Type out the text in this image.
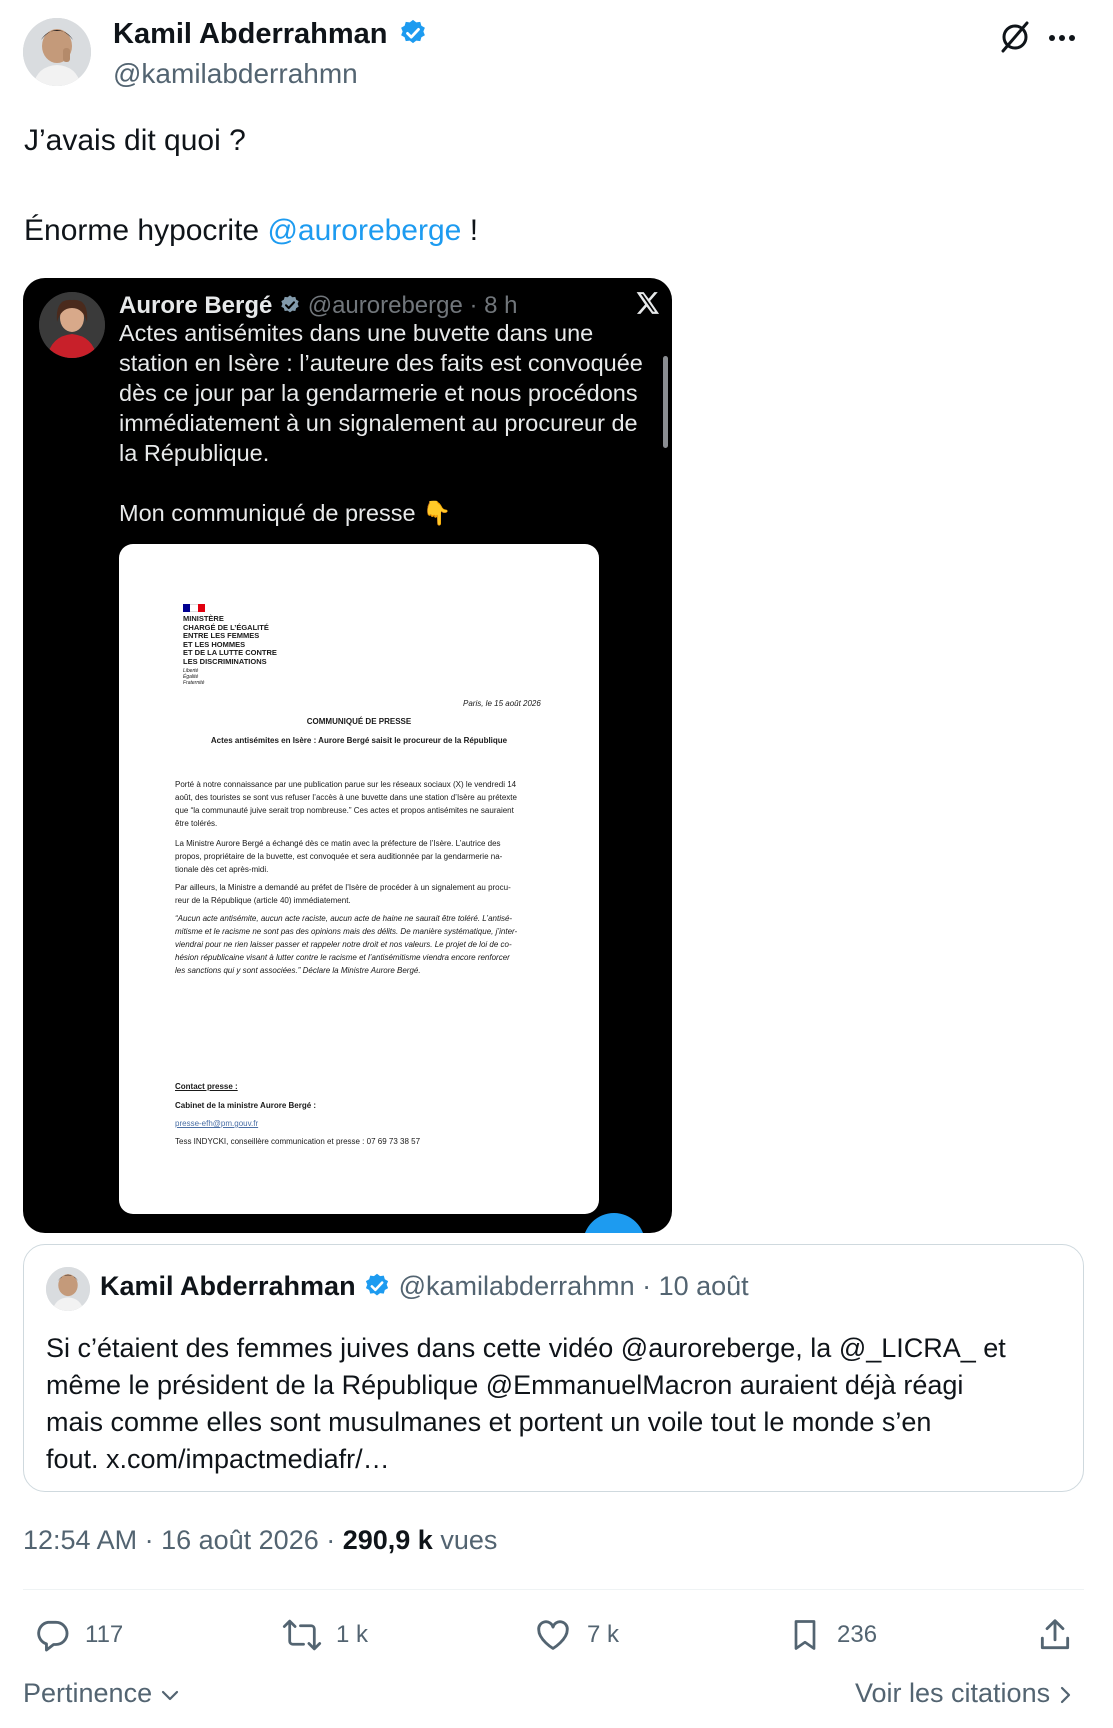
Kamil Abderrahman
@kamilabderrahmn
J’avais dit quoi ?
Énorme hypocrite @auroreberge !
Aurore Bergé @auroreberge · 8 h
Actes antisémites dans une buvette dans une
station en Isère : l’auteure des faits est convoquée
dès ce jour par la gendarmerie et nous procédons
immédiatement à un signalement au procureur de
la République.
Mon communiqué de presse 👇
MINISTÈRE
CHARGÉ DE L’ÉGALITÉ
ENTRE LES FEMMES
ET LES HOMMES
ET DE LA LUTTE CONTRE
LES DISCRIMINATIONS
Liberté
Égalité
Fraternité
Paris, le 15 août 2026
COMMUNIQUÉ DE PRESSE
Actes antisémites en Isère : Aurore Bergé saisit le procureur de la République
Porté à notre connaissance par une publication parue sur les réseaux sociaux (X) le vendredi 14
août, des touristes se sont vus refuser l’accès à une buvette dans une station d’Isère au prétexte
que “la communauté juive serait trop nombreuse.” Ces actes et propos antisémites ne sauraient
être tolérés.
La Ministre Aurore Bergé a échangé dès ce matin avec la préfecture de l’Isère. L’autrice des
propos, propriétaire de la buvette, est convoquée et sera auditionnée par la gendarmerie na-
tionale dès cet après-midi.
Par ailleurs, la Ministre a demandé au préfet de l’Isère de procéder à un signalement au procu-
reur de la République (article 40) immédiatement.
“Aucun acte antisémite, aucun acte raciste, aucun acte de haine ne saurait être toléré. L’antisé-
mitisme et le racisme ne sont pas des opinions mais des délits. De manière systématique, j’inter-
viendrai pour ne rien laisser passer et rappeler notre droit et nos valeurs. Le projet de loi de co-
hésion républicaine visant à lutter contre le racisme et l’antisémitisme viendra encore renforcer
les sanctions qui y sont associées.” Déclare la Ministre Aurore Bergé.
Contact presse :
Cabinet de la ministre Aurore Bergé :
presse-efh@pm.gouv.fr
Tess INDYCKI, conseillère communication et presse : 07 69 73 38 57
Kamil Abderrahman @kamilabderrahmn · 10 août
Si c’étaient des femmes juives dans cette vidéo @auroreberge, la @_LICRA_ et
même le président de la République @EmmanuelMacron auraient déjà réagi
mais comme elles sont musulmanes et portent un voile tout le monde s’en
fout. x.com/impactmediafr/…
12:54 AM · 16 août 2026 · 290,9 k vues
117	1 k	7 k	236
Pertinence	Voir les citations
